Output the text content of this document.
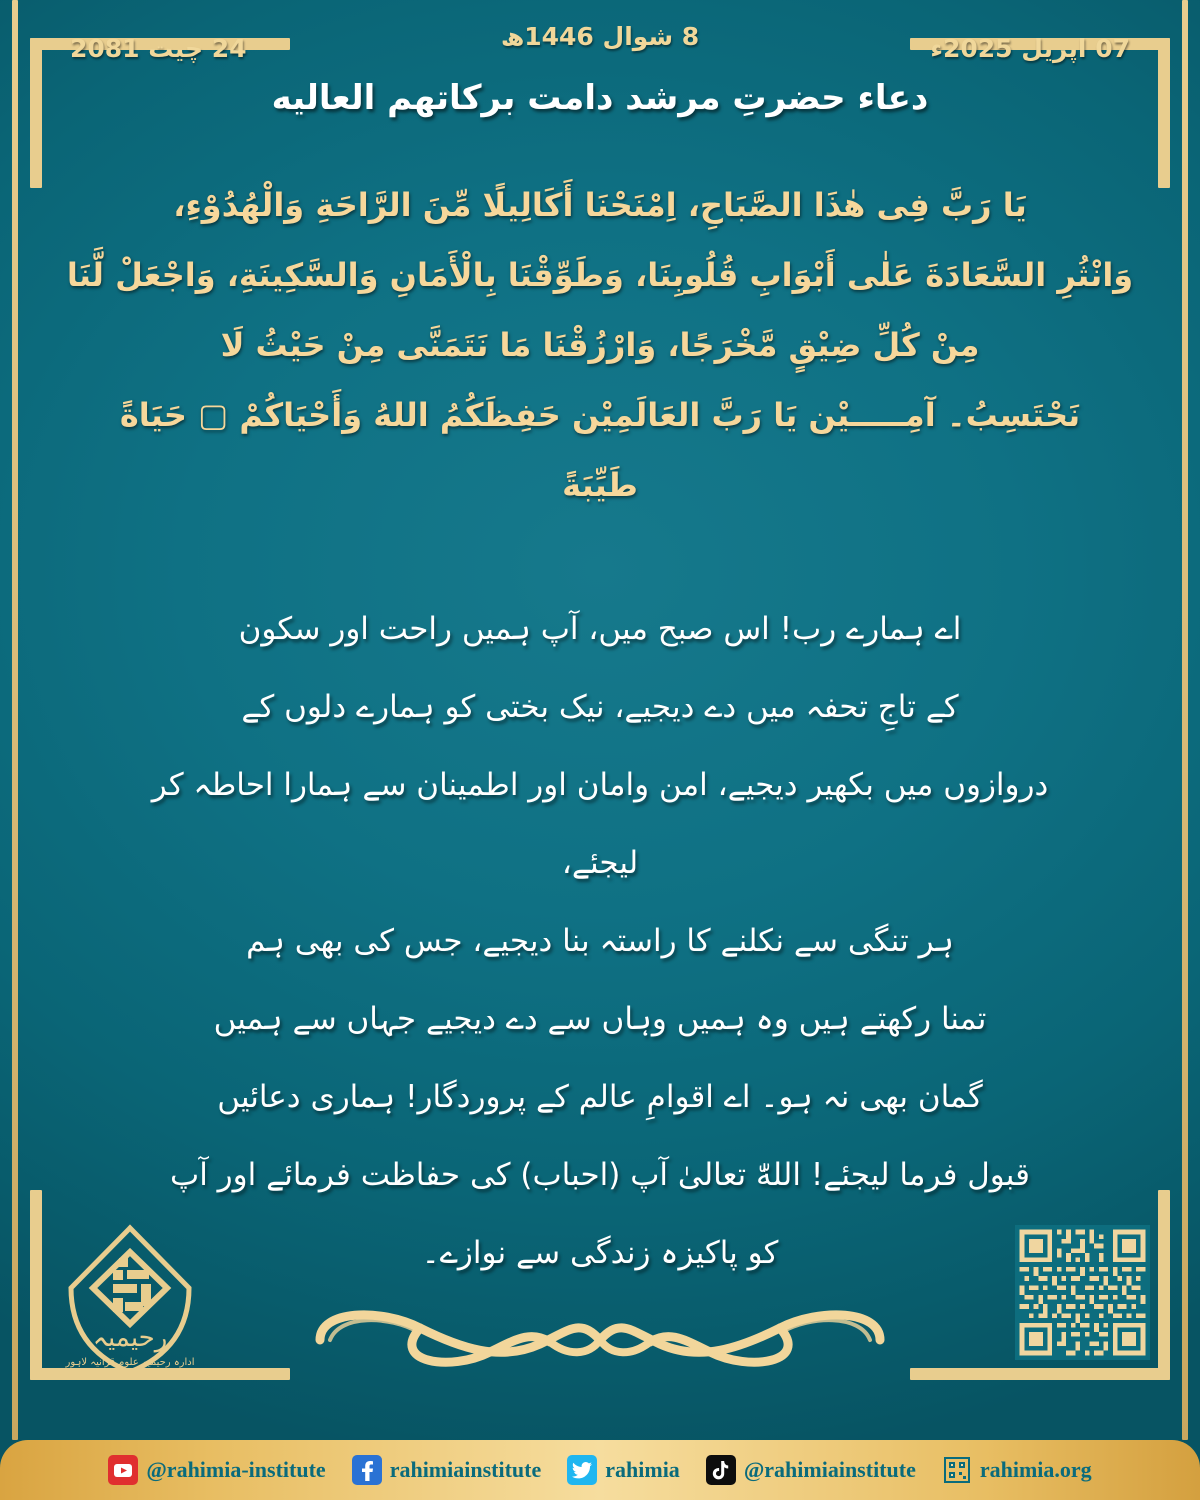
24 چیت 2081	8 شوال 1446ھ	07 اپریل 2025ء
دعاء حضرتِ مرشد دامت بركاتهم العالیه
یَا رَبَّ فِی هٰذَا الصَّبَاحِ، اِمْنَحْنَا أَكَالِيلًا مِّنَ الرَّاحَةِ وَالْهُدُوْءِ،
وَانْثُرِ السَّعَادَةَ عَلٰى أَبْوَابِ قُلُوبِنَا، وَطَوِّقْنَا بِالْأَمَانِ وَالسَّكِينَةِ، وَاجْعَلْ لَّنَا
مِنْ كُلِّ ضِيْقٍ مَّخْرَجًا، وَارْزُقْنَا مَا نَتَمَنَّى مِنْ حَيْثُ لَا
نَحْتَسِبُ۔ آمِـــــيْن یَا رَبَّ العَالَمِيْن حَفِظَكُمُ اللهُ وَأَحْيَاكُمْ ▢ حَيَاةً
طَيِّبَةً
اے ہمارے رب! اس صبح میں، آپ ہمیں راحت اور سکون
کے تاجِ تحفہ میں دے دیجیے، نیک بختی کو ہمارے دلوں کے
دروازوں میں بکھیر دیجیے، امن وامان اور اطمینان سے ہمارا احاطہ کر لیجئے،
ہر تنگی سے نکلنے کا راستہ بنا دیجیے، جس کی بھی ہم
تمنا رکھتے ہیں وہ ہمیں وہاں سے دے دیجیے جہاں سے ہمیں
گمان بھی نہ ہو۔ اے اقوامِ عالم کے پروردگار! ہماری دعائیں
قبول فرما لیجئے! اللهّٰ تعالیٰ آپ (احباب) کی حفاظت فرمائے اور آپ
کو پاکیزہ زندگی سے نوازے۔
رحیمیہ
ادارہ رحیمیہ علومِ قرآنیہ لاہور
@rahimia-institute	rahimiainstitute	rahimia	@rahimiainstitute	rahimia.org
